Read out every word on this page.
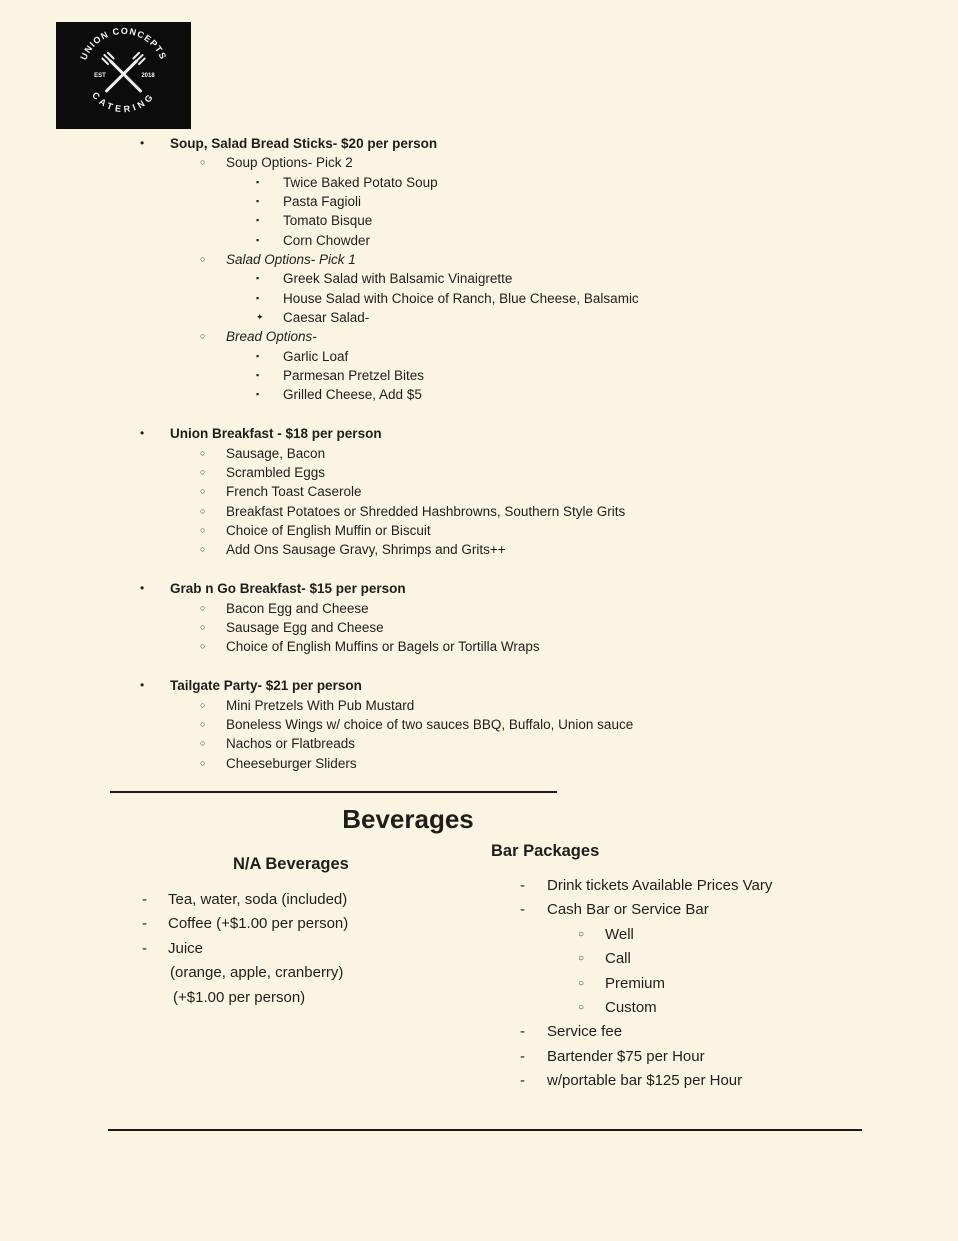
UNION CONCEPTS
CATERING
EST	2018
• Soup, Salad Bread Sticks- $20 per person
○ Soup Options- Pick 2
▪ Twice Baked Potato Soup
▪ Pasta Fagioli
▪ Tomato Bisque
▪ Corn Chowder
○ Salad Options- Pick 1
▪ Greek Salad with Balsamic Vinaigrette
▪ House Salad with Choice of Ranch, Blue Cheese, Balsamic
✦ Caesar Salad-
○ Bread Options-
▪ Garlic Loaf
▪ Parmesan Pretzel Bites
▪ Grilled Cheese, Add $5
• Union Breakfast - $18 per person
○ Sausage, Bacon
○ Scrambled Eggs
○ French Toast Caserole
○ Breakfast Potatoes or Shredded Hashbrowns, Southern Style Grits
○ Choice of English Muffin or Biscuit
○ Add Ons Sausage Gravy, Shrimps and Grits++
• Grab n Go Breakfast- $15 per person
○ Bacon Egg and Cheese
○ Sausage Egg and Cheese
○ Choice of English Muffins or Bagels or Tortilla Wraps
• Tailgate Party- $21 per person
○ Mini Pretzels With Pub Mustard
○ Boneless Wings w/ choice of two sauces BBQ, Buffalo, Union sauce
○ Nachos or Flatbreads
○ Cheeseburger Sliders
Beverages
N/A Beverages
Bar Packages
- Tea, water, soda (included)
- Coffee (+$1.00 per person)
- Juice
(orange, apple, cranberry)
(+$1.00 per person)
- Drink tickets Available Prices Vary
- Cash Bar or Service Bar
○ Well
○ Call
○ Premium
○ Custom
- Service fee
- Bartender $75 per Hour
- w/portable bar $125 per Hour
